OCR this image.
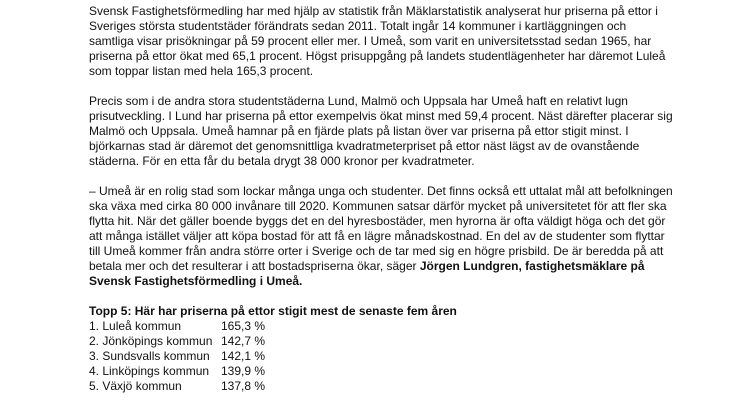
Svensk Fastighetsförmedling har med hjälp av statistik från Mäklarstatistik analyserat hur priserna på ettor i Sveriges största studentstäder förändrats sedan 2011. Totalt ingår 14 kommuner i kartläggningen och samtliga visar prisökningar på 59 procent eller mer. I Umeå, som varit en universitetsstad sedan 1965, har priserna på ettor ökat med 65,1 procent. Högst prisuppgång på landets studentlägenheter har däremot Luleå som toppar listan med hela 165,3 procent.

Precis som i de andra stora studentstäderna Lund, Malmö och Uppsala har Umeå haft en relativt lugn prisutveckling. I Lund har priserna på ettor exempelvis ökat minst med 59,4 procent. Näst därefter placerar sig Malmö och Uppsala. Umeå hamnar på en fjärde plats på listan över var priserna på ettor stigit minst. I björkarnas stad är däremot det genomsnittliga kvadratmeterpriset på ettor näst lägst av de ovanstående städerna. För en etta får du betala drygt 38 000 kronor per kvadratmeter.

– Umeå är en rolig stad som lockar många unga och studenter. Det finns också ett uttalat mål att befolkningen ska växa med cirka 80 000 invånare till 2020. Kommunen satsar därför mycket på universitetet för att fler ska flytta hit. När det gäller boende byggs det en del hyresbostäder, men hyrorna är ofta väldigt höga och det gör att många istället väljer att köpa bostad för att få en lägre månadskostnad. En del av de studenter som flyttar till Umeå kommer från andra större orter i Sverige och de tar med sig en högre prisbild. De är beredda på att betala mer och det resulterar i att bostadspriserna ökar, säger Jörgen Lundgren, fastighetsmäklare på Svensk Fastighetsförmedling i Umeå.

Topp 5: Här har priserna på ettor stigit mest de senaste fem åren

1. Luleå kommun	165,3 %
2. Jönköpings kommun 142,7 %
3. Sundsvalls kommun 142,1 %
4. Linköpings kommun 139,9 %
5. Växjö kommun	137,8 %
